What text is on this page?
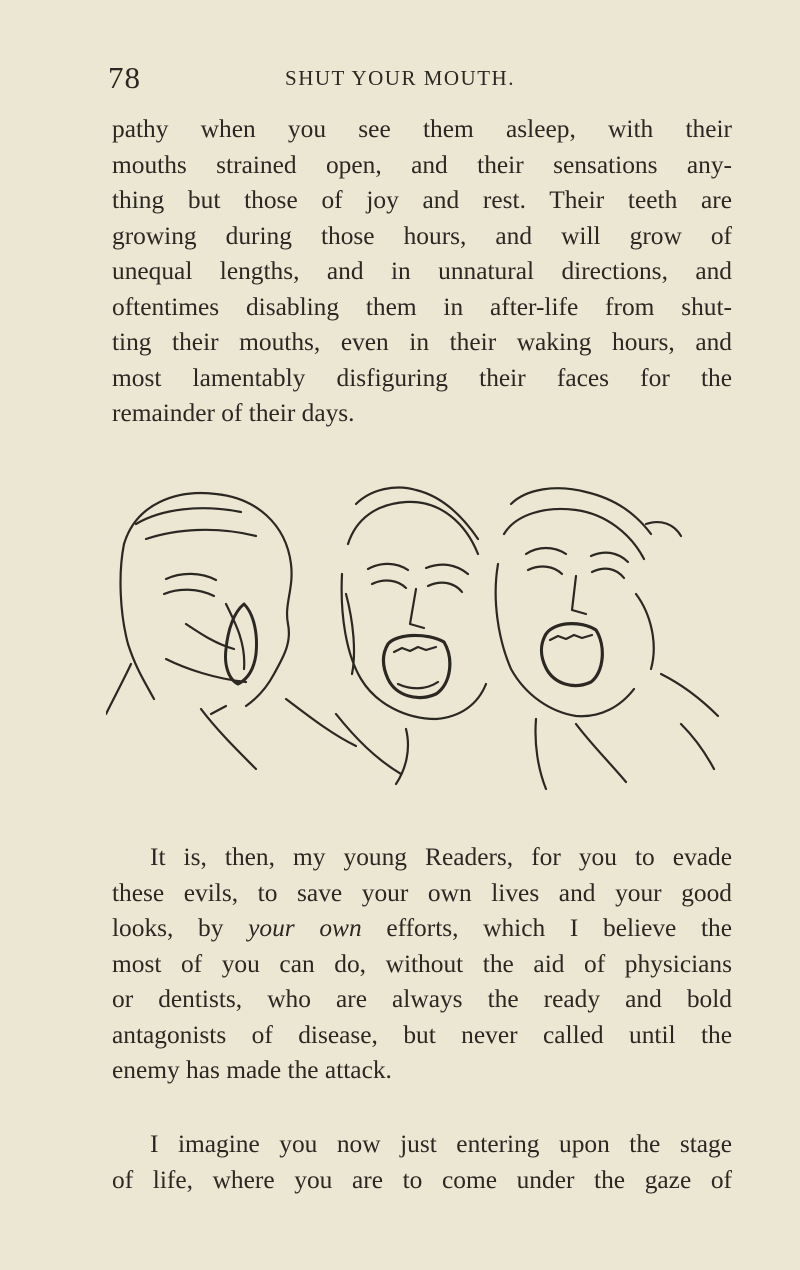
78	SHUT YOUR MOUTH.
pathy when you see them asleep, with their
mouths strained open, and their sensations any-
thing but those of joy and rest. Their teeth are
growing during those hours, and will grow of
unequal lengths, and in unnatural directions, and
oftentimes disabling them in after-life from shut-
ting their mouths, even in their waking hours, and
most lamentably disfiguring their faces for the
remainder of their days.
It is, then, my young Readers, for you to evade
these evils, to save your own lives and your good
looks, by your own efforts, which I believe the
most of you can do, without the aid of physicians
or dentists, who are always the ready and bold
antagonists of disease, but never called until the
enemy has made the attack.
I imagine you now just entering upon the stage
of life, where you are to come under the gaze of
